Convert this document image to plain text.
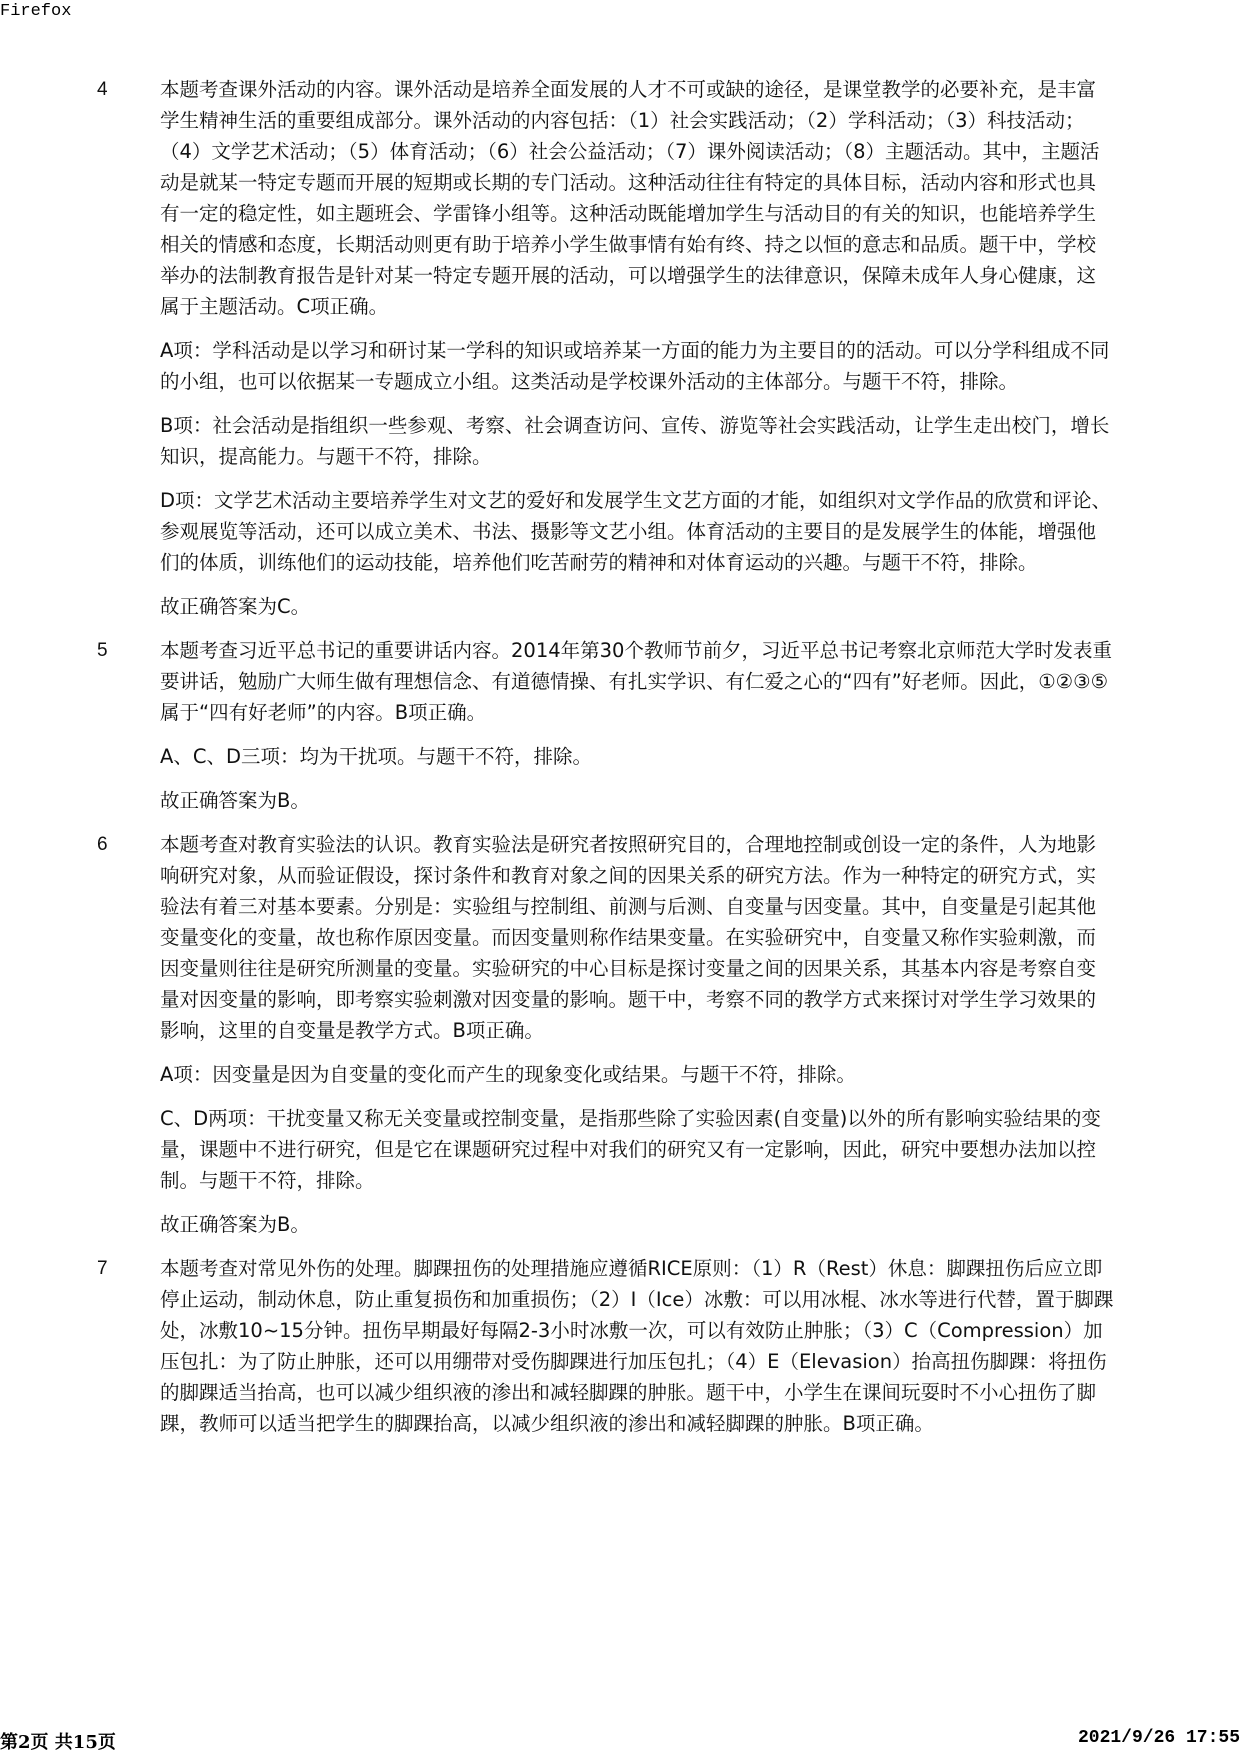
Firefox
4	本题考查课外活动的内容。课外活动是培养全面发展的人才不可或缺的途径，是课堂教学的必要补充，是丰富学生精神生活的重要组成部分。课外活动的内容包括：（1）社会实践活动；（2）学科活动；（3）科技活动；（4）文学艺术活动；（5）体育活动；（6）社会公益活动；（7）课外阅读活动；（8）主题活动。其中，主题活动是就某一特定专题而开展的短期或长期的专门活动。这种活动往往有特定的具体目标，活动内容和形式也具有一定的稳定性，如主题班会、学雷锋小组等。这种活动既能增加学生与活动目的有关的知识，也能培养学生相关的情感和态度，长期活动则更有助于培养小学生做事情有始有终、持之以恒的意志和品质。题干中，学校举办的法制教育报告是针对某一特定专题开展的活动，可以增强学生的法律意识，保障未成年人身心健康，这属于主题活动。C项正确。

A项：学科活动是以学习和研讨某一学科的知识或培养某一方面的能力为主要目的的活动。可以分学科组成不同的小组，也可以依据某一专题成立小组。这类活动是学校课外活动的主体部分。与题干不符，排除。

B项：社会活动是指组织一些参观、考察、社会调查访问、宣传、游览等社会实践活动，让学生走出校门，增长知识，提高能力。与题干不符，排除。

D项：文学艺术活动主要培养学生对文艺的爱好和发展学生文艺方面的才能，如组织对文学作品的欣赏和评论、参观展览等活动，还可以成立美术、书法、摄影等文艺小组。体育活动的主要目的是发展学生的体能，增强他们的体质，训练他们的运动技能，培养他们吃苦耐劳的精神和对体育运动的兴趣。与题干不符，排除。

故正确答案为C。

5	本题考查习近平总书记的重要讲话内容。2014年第30个教师节前夕，习近平总书记考察北京师范大学时发表重要讲话，勉励广大师生做有理想信念、有道德情操、有扎实学识、有仁爱之心的“四有”好老师。因此，①②③⑤属于“四有好老师”的内容。B项正确。

A、C、D三项：均为干扰项。与题干不符，排除。

故正确答案为B。

6	本题考查对教育实验法的认识。教育实验法是研究者按照研究目的，合理地控制或创设一定的条件，人为地影响研究对象，从而验证假设，探讨条件和教育对象之间的因果关系的研究方法。作为一种特定的研究方式，实验法有着三对基本要素。分别是：实验组与控制组、前测与后测、自变量与因变量。其中，自变量是引起其他变量变化的变量，故也称作原因变量。而因变量则称作结果变量。在实验研究中，自变量又称作实验刺激，而因变量则往往是研究所测量的变量。实验研究的中心目标是探讨变量之间的因果关系，其基本内容是考察自变量对因变量的影响，即考察实验刺激对因变量的影响。题干中，考察不同的教学方式来探讨对学生学习效果的影响，这里的自变量是教学方式。B项正确。

A项：因变量是因为自变量的变化而产生的现象变化或结果。与题干不符，排除。

C、D两项：干扰变量又称无关变量或控制变量，是指那些除了实验因素(自变量)以外的所有影响实验结果的变量，课题中不进行研究，但是它在课题研究过程中对我们的研究又有一定影响，因此，研究中要想办法加以控制。与题干不符，排除。

故正确答案为B。

7	本题考查对常见外伤的处理。脚踝扭伤的处理措施应遵循RICE原则：（1）R（Rest）休息：脚踝扭伤后应立即停止运动，制动休息，防止重复损伤和加重损伤；（2）I（Ice）冰敷：可以用冰棍、冰水等进行代替，置于脚踝处，冰敷10~15分钟。扭伤早期最好每隔2-3小时冰敷一次，可以有效防止肿胀；（3）C（Compression）加压包扎：为了防止肿胀，还可以用绷带对受伤脚踝进行加压包扎；（4）E（Elevasion）抬高扭伤脚踝：将扭伤的脚踝适当抬高，也可以减少组织液的渗出和减轻脚踝的肿胀。题干中，小学生在课间玩耍时不小心扭伤了脚踝，教师可以适当把学生的脚踝抬高，以减少组织液的渗出和减轻脚踝的肿胀。B项正确。

第2页 共15页	2021/9/26 17:55
